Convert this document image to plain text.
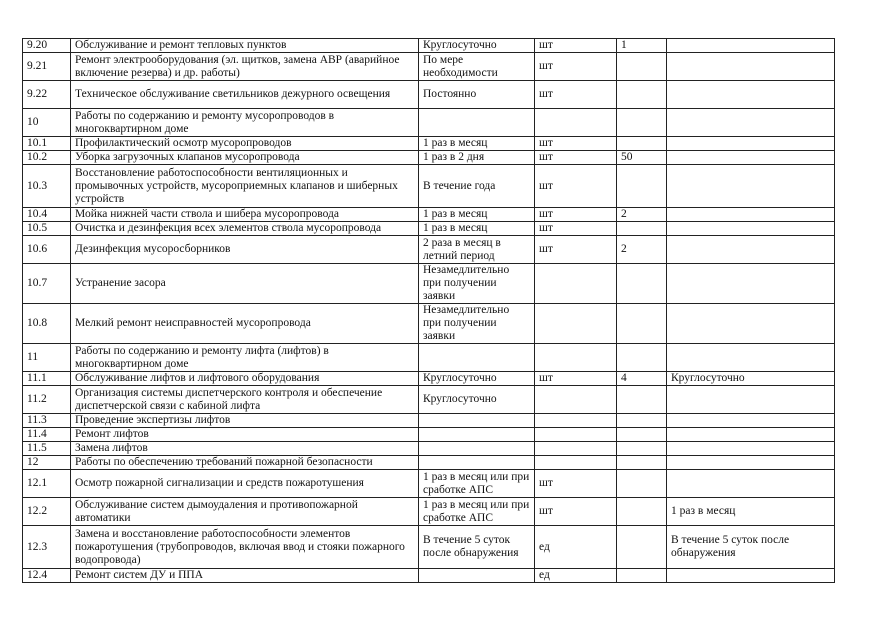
9.20	Обслуживание и ремонт тепловых пунктов	Круглосуточно	шт	1	
9.21	Ремонт электрооборудования (эл. щитков, замена АВР (аварийное включение резерва) и др. работы)	По мере необходимости	шт		
9.22	Техническое обслуживание светильников дежурного освещения	Постоянно	шт		
10	Работы по содержанию и ремонту мусоропроводов в многоквартирном доме				
10.1	Профилактический осмотр мусоропроводов	1 раз в месяц	шт		
10.2	Уборка загрузочных клапанов мусоропровода	1 раз в 2 дня	шт	50	
10.3	Восстановление работоспособности вентиляционных и промывочных устройств, мусороприемных клапанов и шиберных устройств	В течение года	шт		
10.4	Мойка нижней части ствола и шибера мусоропровода	1 раз в месяц	шт	2	
10.5	Очистка и дезинфекция всех элементов ствола мусоропровода	1 раз в месяц	шт		
10.6	Дезинфекция мусоросборников	2 раза в месяц в летний период	шт	2	
10.7	Устранение засора	Незамедлительно при получении заявки			
10.8	Мелкий ремонт неисправностей мусоропровода	Незамедлительно при получении заявки			
11	Работы по содержанию и ремонту лифта (лифтов) в многоквартирном доме				
11.1	Обслуживание лифтов и лифтового оборудования	Круглосуточно	шт	4	Круглосуточно
11.2	Организация системы диспетчерского контроля и обеспечение диспетчерской связи с кабиной лифта	Круглосуточно			
11.3	Проведение экспертизы лифтов				
11.4	Ремонт лифтов				
11.5	Замена лифтов				
12	Работы по обеспечению требований пожарной безопасности				
12.1	Осмотр пожарной сигнализации и средств пожаротушения	1 раз в месяц или при сработке АПС	шт		
12.2	Обслуживание систем дымоудаления и противопожарной автоматики	1 раз в месяц или при сработке АПС	шт		1 раз в месяц
12.3	Замена и восстановление работоспособности элементов пожаротушения (трубопроводов, включая ввод и стояки пожарного водопровода)	В течение 5 суток после обнаружения	ед		В течение 5 суток после обнаружения
12.4	Ремонт систем ДУ и ППА		ед		
